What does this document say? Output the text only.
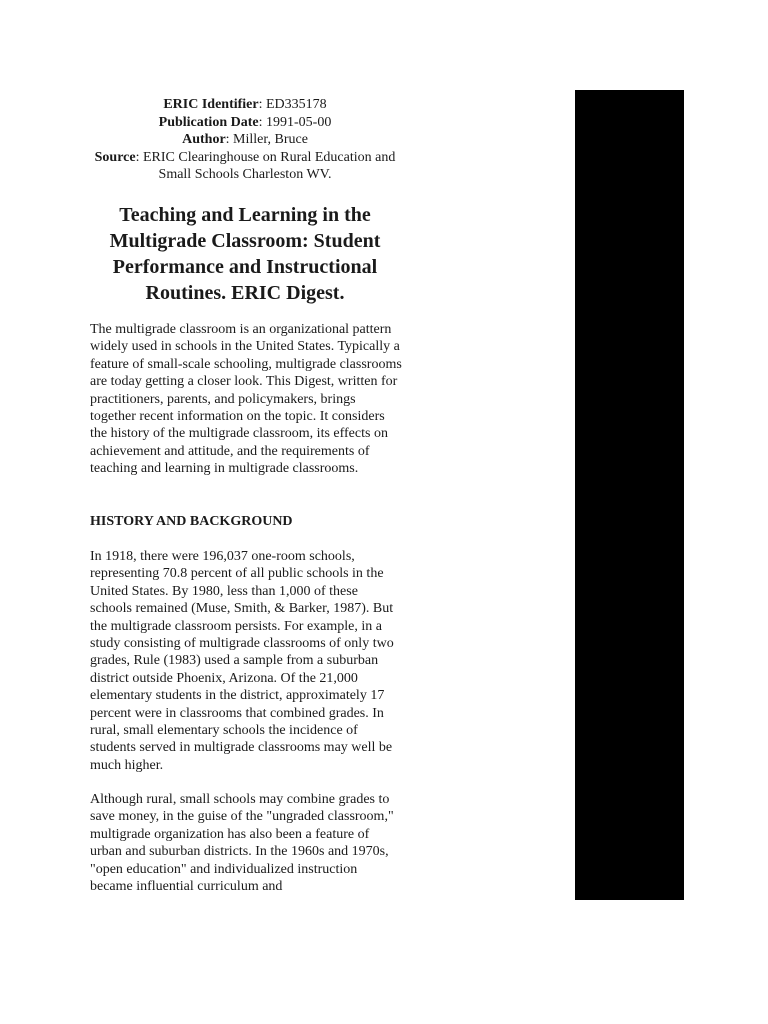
ERIC Identifier: ED335178
Publication Date: 1991-05-00
Author: Miller, Bruce
Source: ERIC Clearinghouse on Rural Education and Small Schools Charleston WV.
Teaching and Learning in the Multigrade Classroom: Student Performance and Instructional Routines. ERIC Digest.

The multigrade classroom is an organizational pattern widely used in schools in the United States. Typically a feature of small-scale schooling, multigrade classrooms are today getting a closer look. This Digest, written for practitioners, parents, and policymakers, brings together recent information on the topic. It considers the history of the multigrade classroom, its effects on achievement and attitude, and the requirements of teaching and learning in multigrade classrooms.

HISTORY AND BACKGROUND

In 1918, there were 196,037 one-room schools, representing 70.8 percent of all public schools in the United States. By 1980, less than 1,000 of these schools remained (Muse, Smith, & Barker, 1987). But the multigrade classroom persists. For example, in a study consisting of multigrade classrooms of only two grades, Rule (1983) used a sample from a suburban district outside Phoenix, Arizona. Of the 21,000 elementary students in the district, approximately 17 percent were in classrooms that combined grades. In rural, small elementary schools the incidence of students served in multigrade classrooms may well be much higher.

Although rural, small schools may combine grades to save money, in the guise of the "ungraded classroom," multigrade organization has also been a feature of urban and suburban districts. In the 1960s and 1970s, "open education" and individualized instruction became influential curriculum and
